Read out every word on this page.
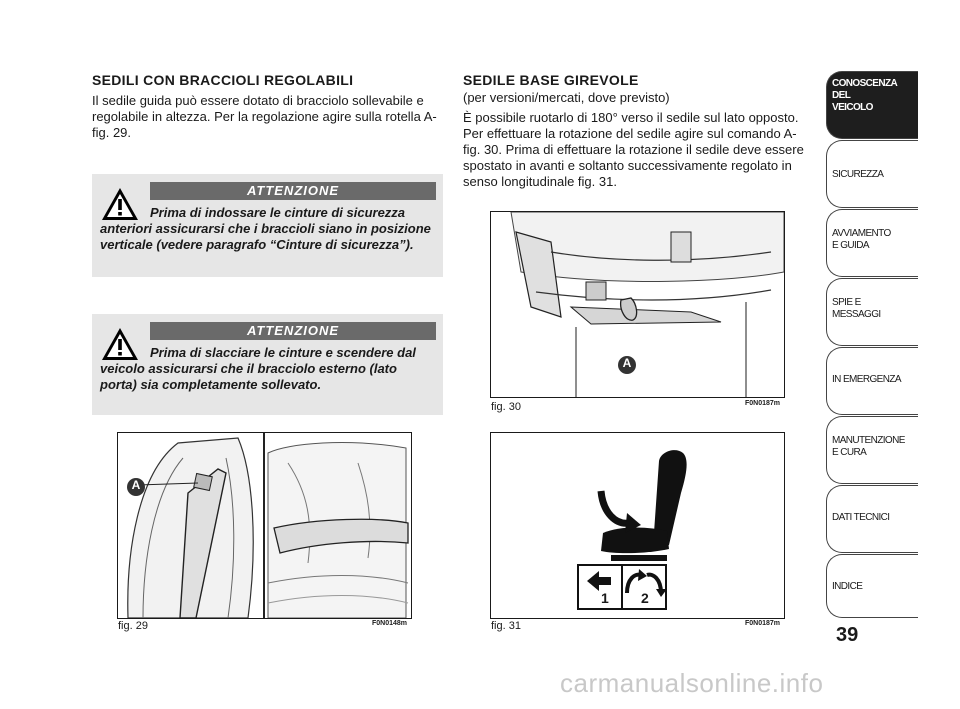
SEDILI CON BRACCIOLI REGOLABILI
Il sedile guida può essere dotato di bracciolo sollevabile e regolabile in altezza. Per la regolazione agire sulla rotella A-fig. 29.
ATTENZIONE
Prima di indossare le cinture di sicurezza anteriori assicurarsi che i braccioli siano in posizione verticale (vedere paragrafo “Cinture di sicurezza”).
ATTENZIONE
Prima di slacciare le cinture e scendere dal veicolo assicurarsi che il bracciolo esterno (lato porta) sia completamente sollevato.
A
fig. 29	F0N0148m
SEDILE BASE GIREVOLE
(per versioni/mercati, dove previsto)
È possibile ruotarlo di 180° verso il sedile sul lato opposto. Per effettuare la rotazione del sedile agire sul comando A-fig. 30. Prima di effettuare la rotazione il sedile deve essere spostato in avanti e soltanto successivamente regolato in senso longitudinale fig. 31.
A
fig. 30	F0N0187m
1 2
fig. 31	F0N0187m
CONOSCENZA
DEL
VEICOLO
SICUREZZA
AVVIAMENTO
E GUIDA
SPIE E
MESSAGGI
IN EMERGENZA
MANUTENZIONE
E CURA
DATI TECNICI
INDICE
39
carmanualsonline.info
